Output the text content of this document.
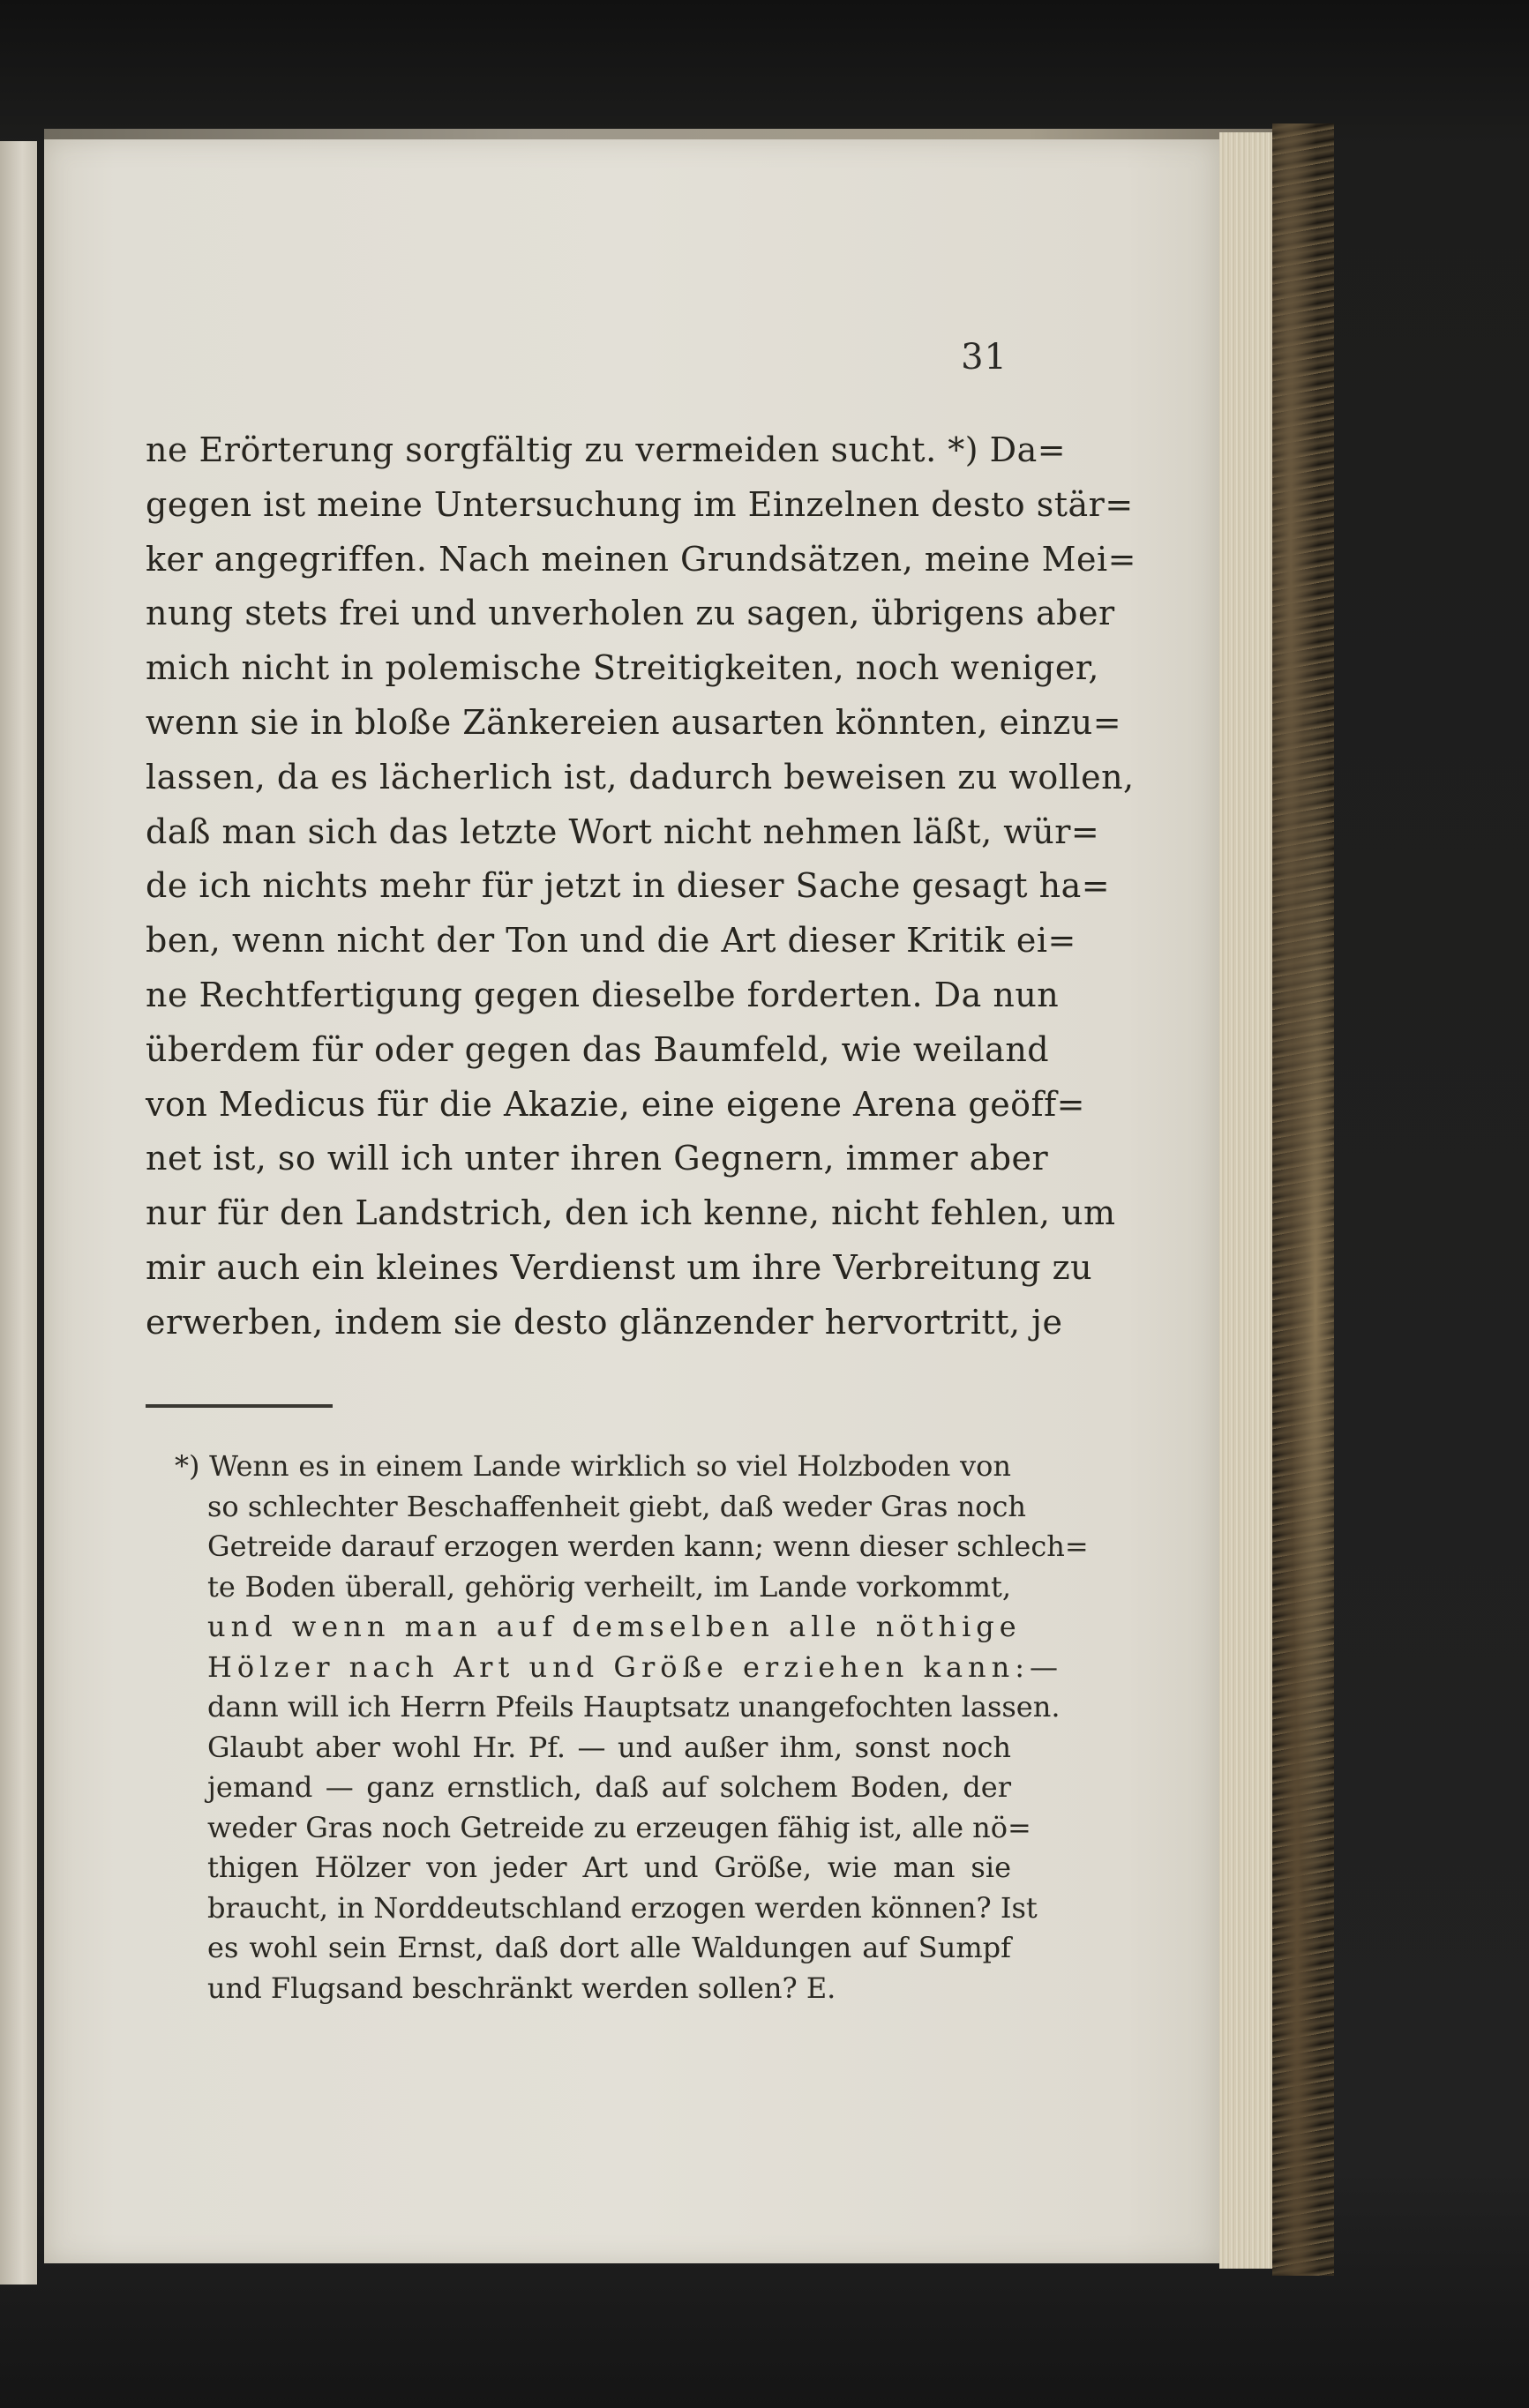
31
ne Erörterung sorgfältig zu vermeiden sucht. *) Da=
gegen ist meine Untersuchung im Einzelnen desto stär=
ker angegriffen. Nach meinen Grundsätzen, meine Mei=
nung stets frei und unverholen zu sagen, übrigens aber
mich nicht in polemische Streitigkeiten, noch weniger,
wenn sie in bloße Zänkereien ausarten könnten, einzu=
lassen, da es lächerlich ist, dadurch beweisen zu wollen,
daß man sich das letzte Wort nicht nehmen läßt, wür=
de ich nichts mehr für jetzt in dieser Sache gesagt ha=
ben, wenn nicht der Ton und die Art dieser Kritik ei=
ne Rechtfertigung gegen dieselbe forderten. Da nun
überdem für oder gegen das Baumfeld, wie weiland
von Medicus für die Akazie, eine eigene Arena geöff=
net ist, so will ich unter ihren Gegnern, immer aber
nur für den Landstrich, den ich kenne, nicht fehlen, um
mir auch ein kleines Verdienst um ihre Verbreitung zu
erwerben, indem sie desto glänzender hervortritt, je
*) Wenn es in einem Lande wirklich so viel Holzboden von
so schlechter Beschaffenheit giebt, daß weder Gras noch
Getreide darauf erzogen werden kann; wenn dieser schlech=
te Boden überall, gehörig verheilt, im Lande vorkommt,
und wenn man auf demselben alle nöthige
Hölzer nach Art und Größe erziehen kann:—
dann will ich Herrn Pfeils Hauptsatz unangefochten lassen.
Glaubt aber wohl Hr. Pf. — und außer ihm, sonst noch
jemand — ganz ernstlich, daß auf solchem Boden, der
weder Gras noch Getreide zu erzeugen fähig ist, alle nö=
thigen Hölzer von jeder Art und Größe, wie man sie
braucht, in Norddeutschland erzogen werden können? Ist
es wohl sein Ernst, daß dort alle Waldungen auf Sumpf
und Flugsand beschränkt werden sollen? E.
